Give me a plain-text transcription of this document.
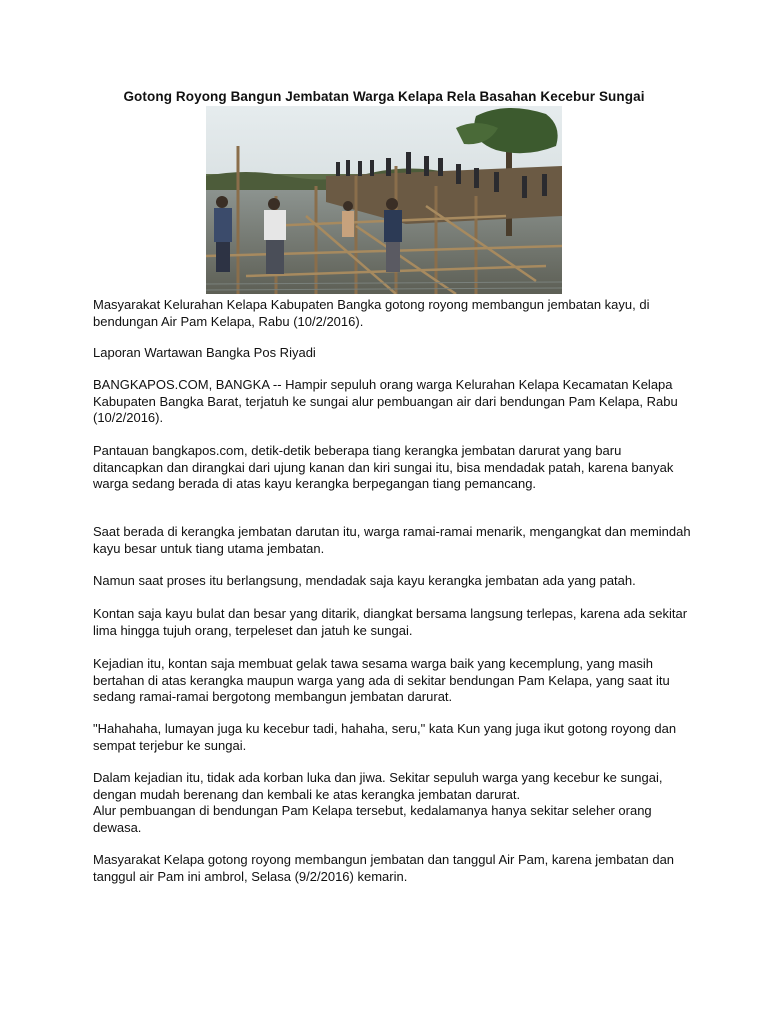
Gotong Royong Bangun Jembatan Warga Kelapa Rela Basahan Kecebur Sungai

Masyarakat Kelurahan Kelapa Kabupaten Bangka gotong royong membangun jembatan kayu, di bendungan Air Pam Kelapa, Rabu (10/2/2016).

Laporan Wartawan Bangka Pos Riyadi

BANGKAPOS.COM, BANGKA -- Hampir sepuluh orang warga Kelurahan Kelapa Kecamatan Kelapa Kabupaten Bangka Barat, terjatuh ke sungai alur pembuangan air dari bendungan Pam Kelapa, Rabu (10/2/2016).

Pantauan bangkapos.com, detik-detik beberapa tiang kerangka jembatan darurat yang baru ditancapkan dan dirangkai dari ujung kanan dan kiri sungai itu, bisa mendadak patah, karena banyak warga sedang berada di atas kayu kerangka berpegangan tiang pemancang.

Saat berada di kerangka jembatan darutan itu, warga ramai-ramai menarik, mengangkat dan memindah kayu besar untuk tiang utama jembatan.

Namun saat proses itu berlangsung, mendadak saja kayu kerangka jembatan ada yang patah.

Kontan saja kayu bulat dan besar yang ditarik, diangkat bersama langsung terlepas, karena ada sekitar lima hingga tujuh orang, terpeleset dan jatuh ke sungai.

Kejadian itu, kontan saja membuat gelak tawa sesama warga baik yang kecemplung, yang masih bertahan di atas kerangka maupun warga yang ada di sekitar bendungan Pam Kelapa, yang saat itu sedang ramai-ramai bergotong membangun jembatan darurat.

"Hahahaha, lumayan juga ku kecebur tadi, hahaha, seru," kata Kun yang juga ikut gotong royong dan sempat terjebur ke sungai.

Dalam kejadian itu, tidak ada korban luka dan jiwa. Sekitar sepuluh warga yang kecebur ke sungai, dengan mudah berenang dan kembali ke atas kerangka jembatan darurat.

Alur pembuangan di bendungan Pam Kelapa tersebut, kedalamanya hanya sekitar seleher orang dewasa.

Masyarakat Kelapa gotong royong membangun jembatan dan tanggul Air Pam, karena jembatan dan tanggul air Pam ini ambrol, Selasa (9/2/2016) kemarin.
